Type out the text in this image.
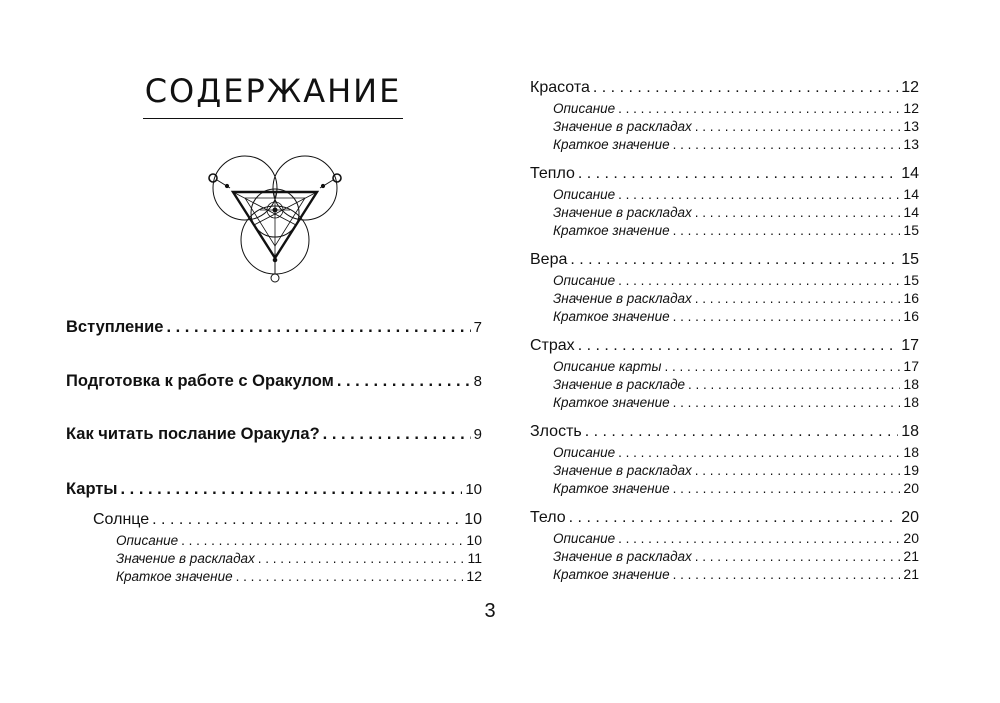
СОДЕРЖАНИЕ
Вступление . . .	7
Подготовка к работе с Оракулом . . .	8
Как читать послание Оракула? . . .	9
Карты . . .	10
Солнце . . .	10
Описание . . .	10
Значение в раскладах . . .	11
Краткое значение . . .	12
Красота . . .	12
Описание . . .	12
Значение в раскладах . . .	13
Краткое значение . . .	13
Тепло . . .	14
Описание . . .	14
Значение в раскладах . . .	14
Краткое значение . . .	15
Вера . . .	15
Описание . . .	15
Значение в раскладах . . .	16
Краткое значение . . .	16
Страх . . .	17
Описание карты . . .	17
Значение в раскладе . . .	18
Краткое значение . . .	18
Злость . . .	18
Описание . . .	18
Значение в раскладах . . .	19
Краткое значение . . .	20
Тело . . .	20
Описание . . .	20
Значение в раскладах . . .	21
Краткое значение . . .	21
3
